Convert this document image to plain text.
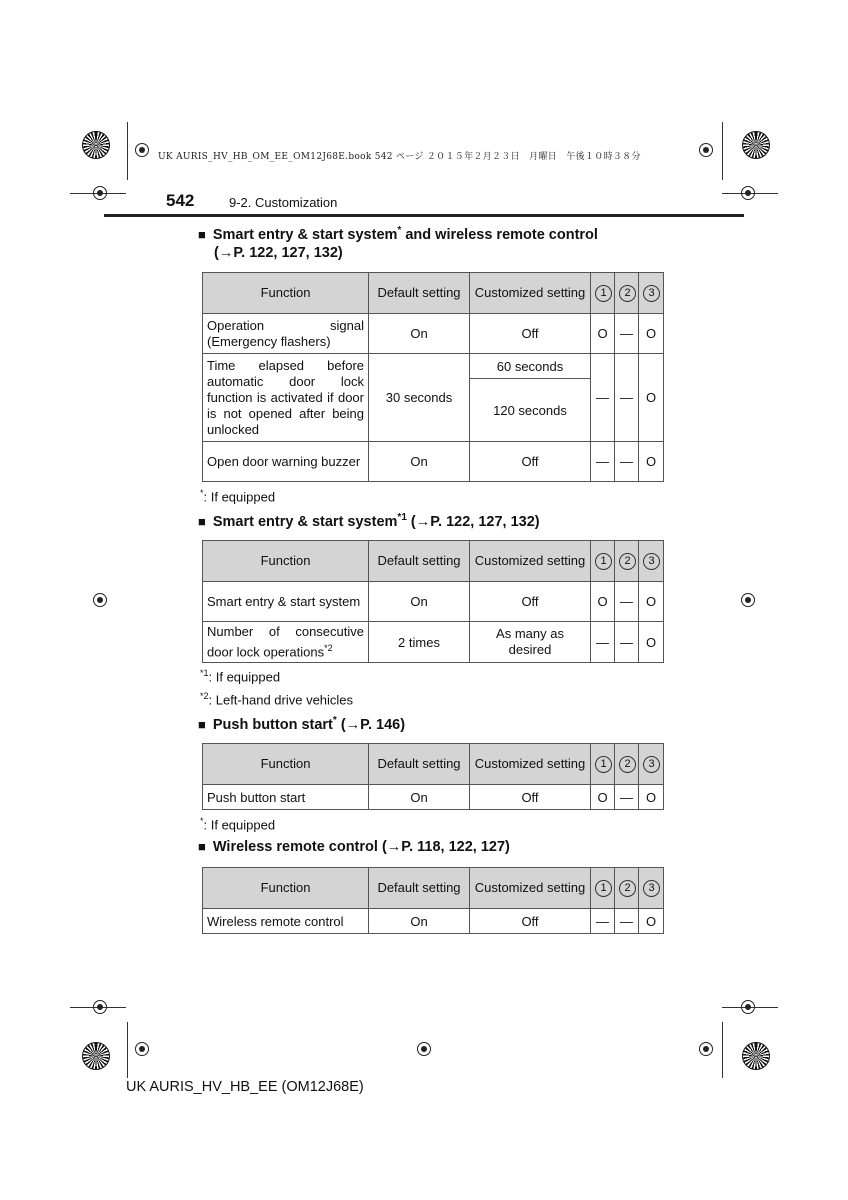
UK AURIS_HV_HB_OM_EE_OM12J68E.book 542 ページ ２０１５年２月２３日　月曜日　午後１０時３８分
542	9-2. Customization
■ Smart entry & start system* and wireless remote control
(→P. 122, 127, 132)
Function	Default setting	Customized setting	1	2	3
Operation signal (Emergency flashers)	On	Off	O	—	O
Time elapsed before automatic door lock function is activated if door is not opened after being unlocked	30 seconds	60 seconds	—	—	O
		120 seconds			
Open door warning buzzer	On	Off	—	—	O
*: If equipped
■ Smart entry & start system$^{*1}$ (→P. 122, 127, 132)
Function	Default setting	Customized setting	1	2	3
Smart entry & start system	On	Off	O	—	O
Number of consecutive door lock operations$^{*2}$	2 times	As many as desired	—	—	O
$^{*1}$: If equipped
$^{*2}$: Left-hand drive vehicles
■ Push button start* (→P. 146)
Function	Default setting	Customized setting	1	2	3
Push button start	On	Off	O	—	O
*: If equipped
■ Wireless remote control (→P. 118, 122, 127)
Function	Default setting	Customized setting	1	2	3
Wireless remote control	On	Off	—	—	O
UK AURIS_HV_HB_EE (OM12J68E)
